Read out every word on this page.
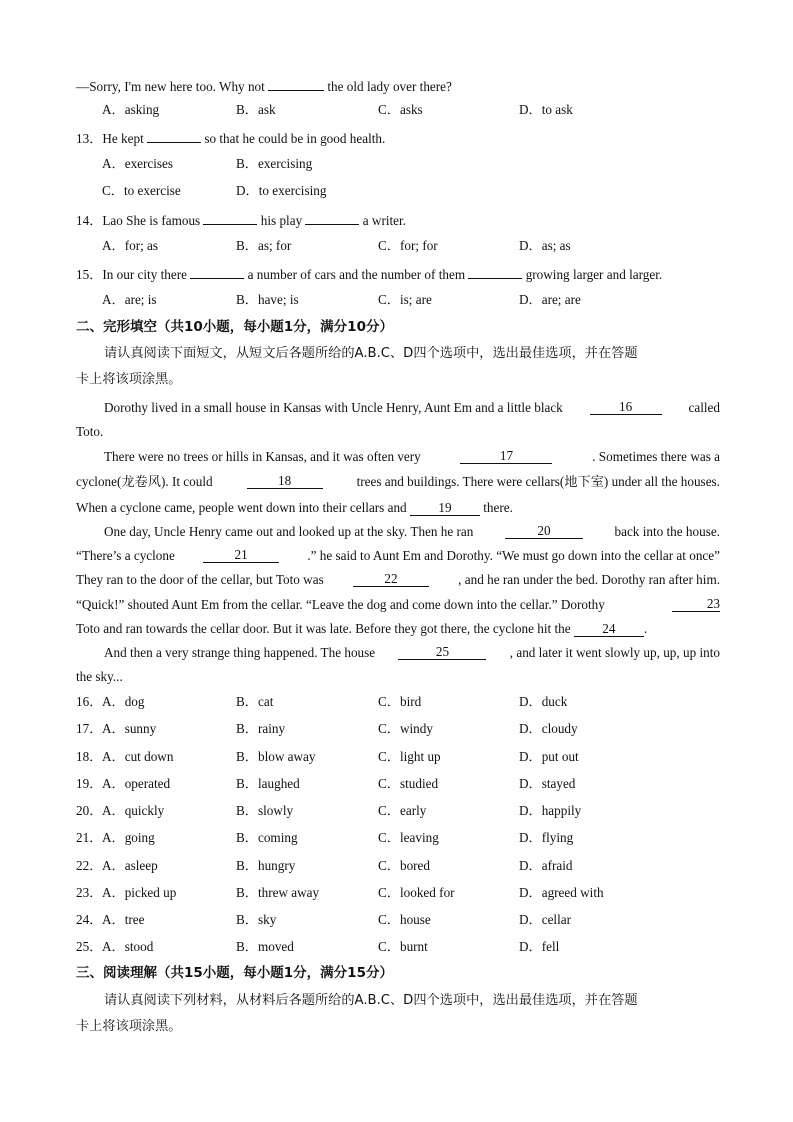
—Sorry, I'm new here too. Why not	the old lady over there?
A．asking	B．ask	C．asks	D．to ask
13．He kept	so that he could be in good health.
A．exercises	B．exercising
C．to exercise	D．to exercising
14．Lao She is famous	his play	a writer.
A．for; as	B．as; for	C．for; for	D．as; as
15．In our city there	a number of cars and the number of them	growing larger and larger.
A．are; is	B．have; is	C．is; are	D．are; are
二、完形填空（共10小题，每小题1分，满分10分）
请认真阅读下面短文，从短文后各题所给的A.B.C、D四个选项中，选出最佳选项，并在答题
卡上将该项涂黑。
Dorothy lived in a small house in Kansas with Uncle Henry, Aunt Em and a little black	16	called
Toto.
There were no trees or hills in Kansas, and it was often very	17	. Sometimes there was a
cyclone(龙卷风). It could	18	trees and buildings. There were cellars(地下室) under all the houses.
When a cyclone came, people went down into their cellars and 19 there.
One day, Uncle Henry came out and looked up at the sky. Then he ran	20	back into the house.
“There’s a cyclone	21	.” he said to Aunt Em and Dorothy. “We must go down into the cellar at once”
They ran to the door of the cellar, but Toto was	22	, and he ran under the bed. Dorothy ran after him.
“Quick!” shouted Aunt Em from the cellar. “Leave the dog and come down into the cellar.” Dorothy	23
Toto and ran towards the cellar door. But it was late. Before they got there, the cyclone hit the 24 .
And then a very strange thing happened. The house	25	, and later it went slowly up, up, up into
the sky...
16． A．dog	B．cat	C．bird	D．duck
17． A．sunny	B．rainy	C．windy	D．cloudy
18． A．cut down	B．blow away	C．light up	D．put out
19． A．operated	B．laughed	C．studied	D．stayed
20． A．quickly	B．slowly	C．early	D．happily
21． A．going	B．coming	C．leaving	D．flying
22． A．asleep	B．hungry	C．bored	D．afraid
23． A．picked up	B．threw away	C．looked for	D．agreed with
24． A．tree	B．sky	C．house	D．cellar
25． A．stood	B．moved	C．burnt	D．fell
三、阅读理解（共15小题，每小题1分，满分15分）
请认真阅读下列材料，从材料后各题所给的A.B.C、D四个选项中，选出最佳选项，并在答题
卡上将该项涂黑。
